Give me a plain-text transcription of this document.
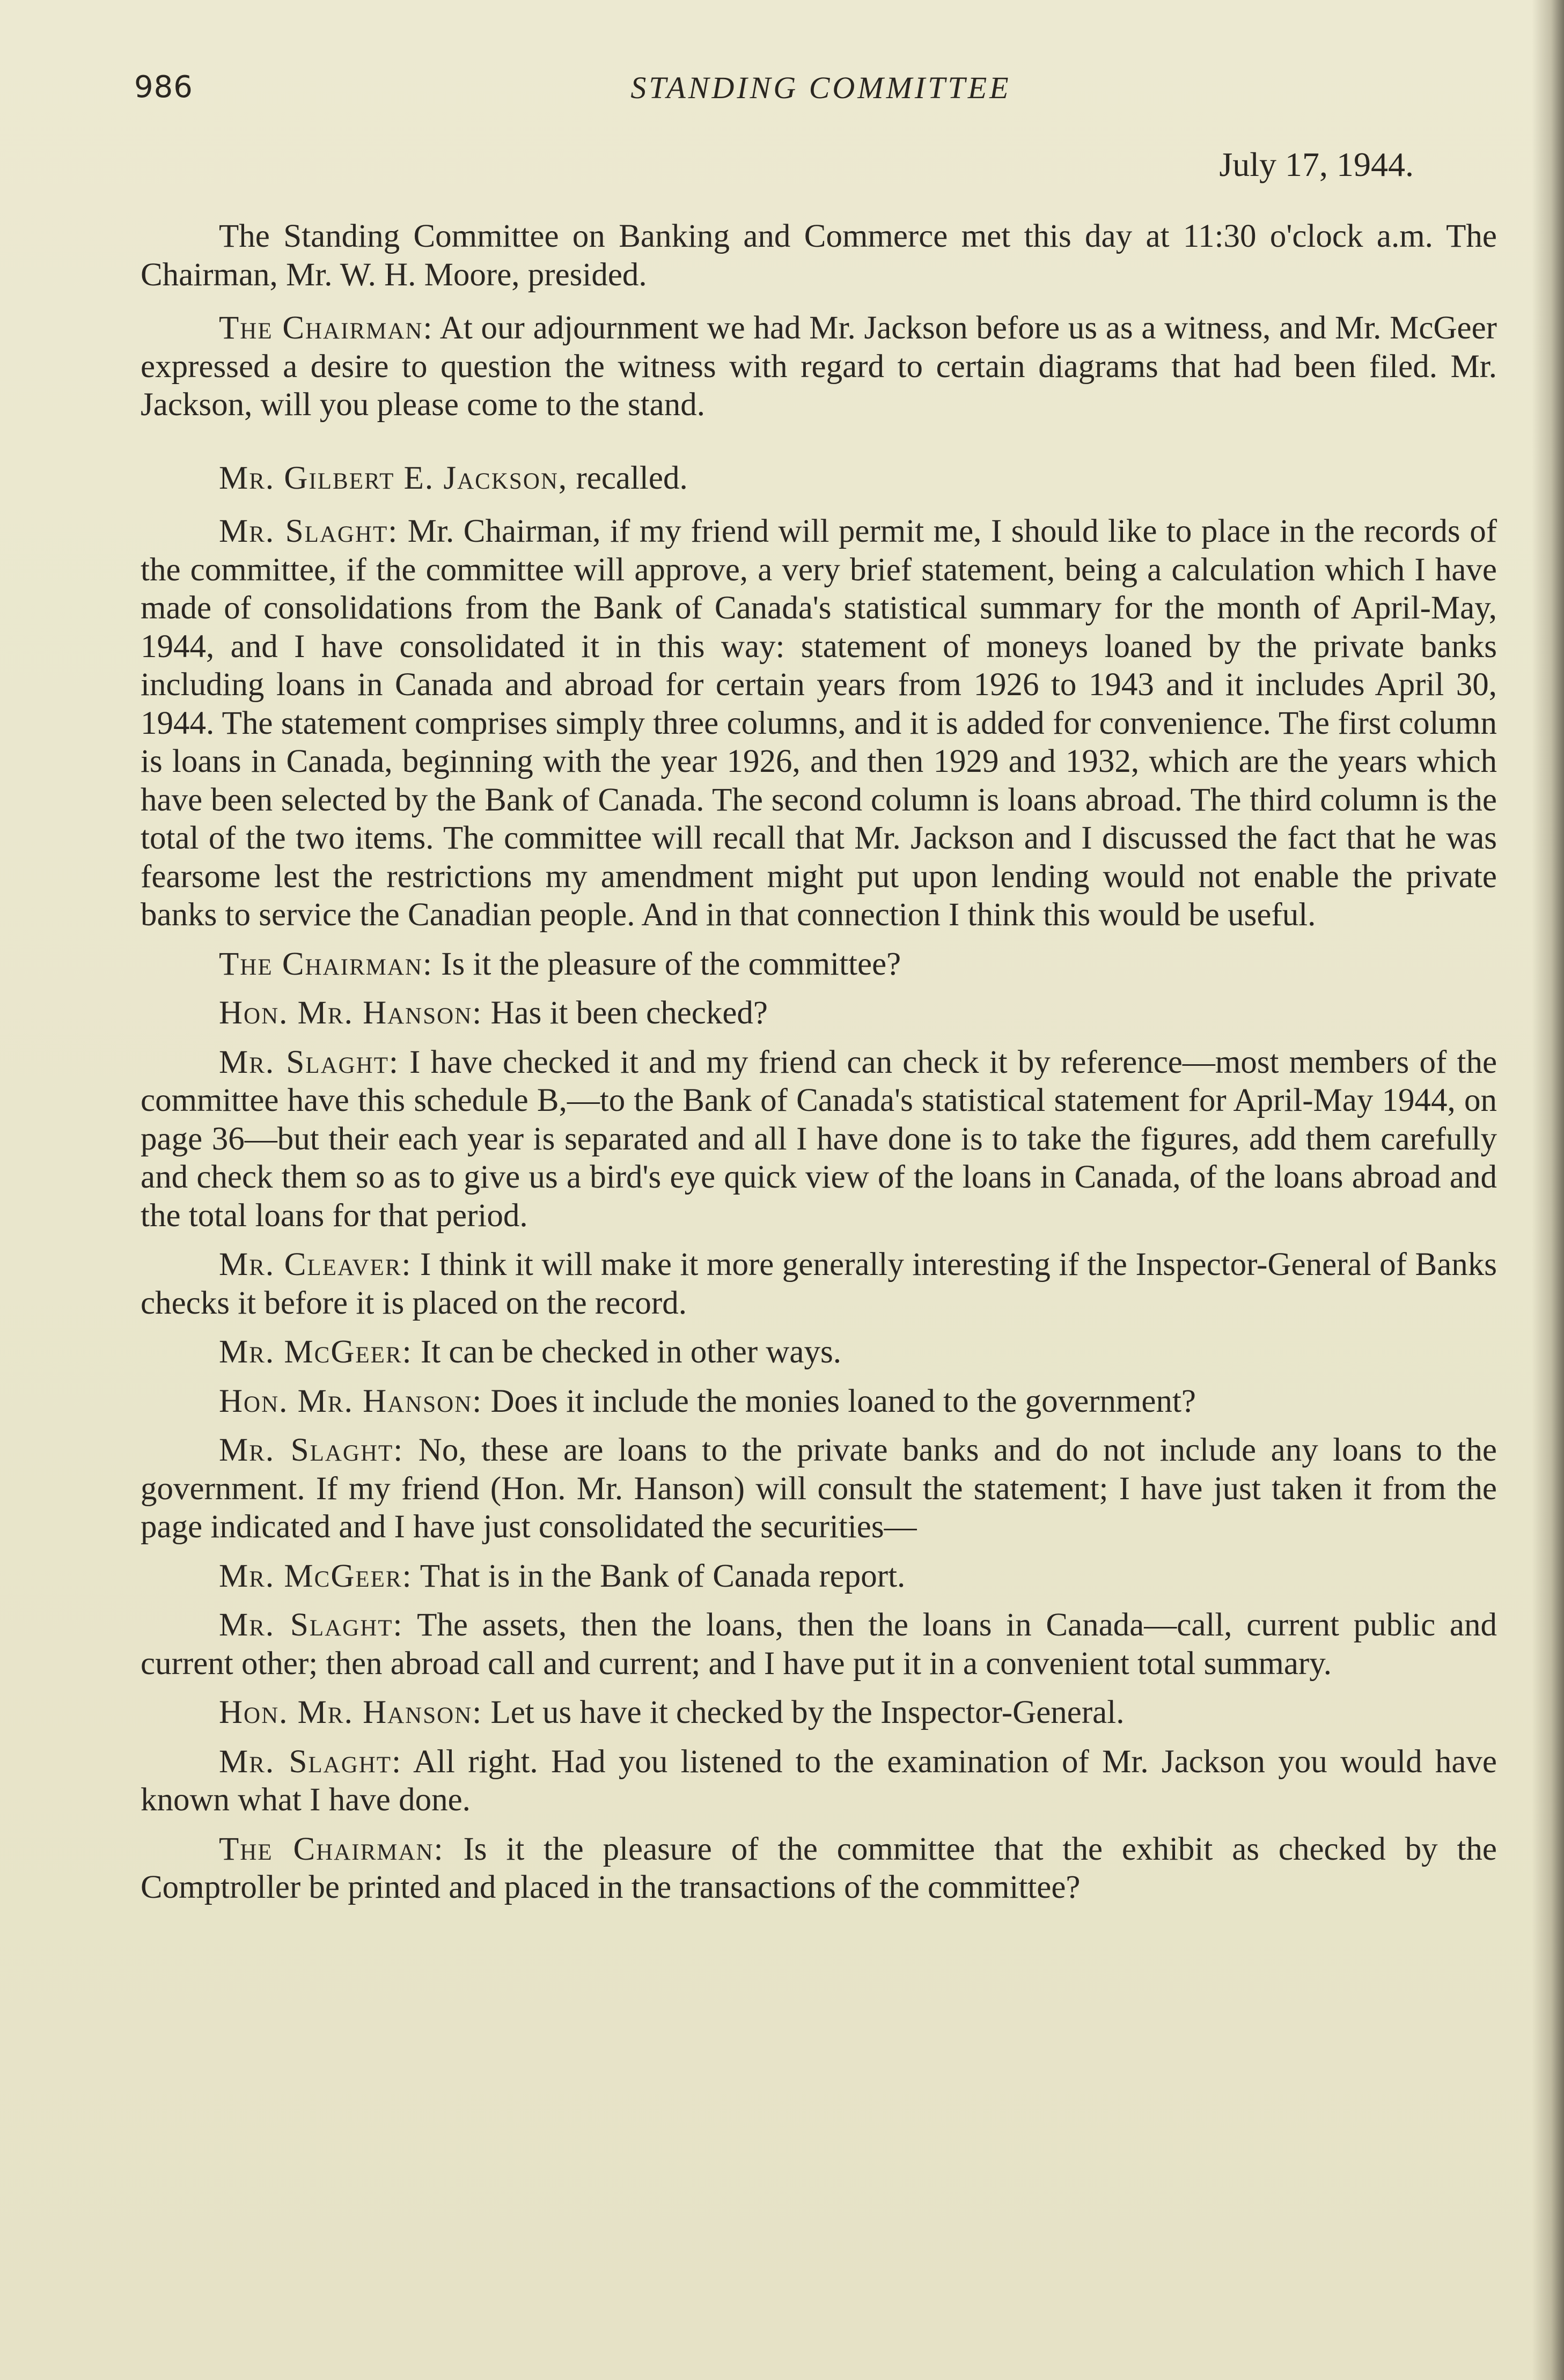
986	STANDING COMMITTEE
July 17, 1944.

The Standing Committee on Banking and Commerce met this day at 11:30 o'clock a.m. The Chairman, Mr. W. H. Moore, presided.

The Chairman: At our adjournment we had Mr. Jackson before us as a witness, and Mr. McGeer expressed a desire to question the witness with regard to certain diagrams that had been filed. Mr. Jackson, will you please come to the stand.

Mr. Gilbert E. Jackson, recalled.

Mr. Slaght: Mr. Chairman, if my friend will permit me, I should like to place in the records of the committee, if the committee will approve, a very brief statement, being a calculation which I have made of consolidations from the Bank of Canada's statistical summary for the month of April-May, 1944, and I have consolidated it in this way: statement of moneys loaned by the private banks including loans in Canada and abroad for certain years from 1926 to 1943 and it includes April 30, 1944. The statement comprises simply three columns, and it is added for convenience. The first column is loans in Canada, beginning with the year 1926, and then 1929 and 1932, which are the years which have been selected by the Bank of Canada. The second column is loans abroad. The third column is the total of the two items. The committee will recall that Mr. Jackson and I discussed the fact that he was fearsome lest the restrictions my amendment might put upon lending would not enable the private banks to service the Canadian people. And in that connection I think this would be useful.

The Chairman: Is it the pleasure of the committee?

Hon. Mr. Hanson: Has it been checked?

Mr. Slaght: I have checked it and my friend can check it by reference—most members of the committee have this schedule B,—to the Bank of Canada's statistical statement for April-May 1944, on page 36—but their each year is separated and all I have done is to take the figures, add them carefully and check them so as to give us a bird's eye quick view of the loans in Canada, of the loans abroad and the total loans for that period.

Mr. Cleaver: I think it will make it more generally interesting if the Inspector-General of Banks checks it before it is placed on the record.

Mr. McGeer: It can be checked in other ways.

Hon. Mr. Hanson: Does it include the monies loaned to the government?

Mr. Slaght: No, these are loans to the private banks and do not include any loans to the government. If my friend (Hon. Mr. Hanson) will consult the statement; I have just taken it from the page indicated and I have just consolidated the securities—

Mr. McGeer: That is in the Bank of Canada report.

Mr. Slaght: The assets, then the loans, then the loans in Canada—call, current public and current other; then abroad call and current; and I have put it in a convenient total summary.

Hon. Mr. Hanson: Let us have it checked by the Inspector-General.

Mr. Slaght: All right. Had you listened to the examination of Mr. Jackson you would have known what I have done.

The Chairman: Is it the pleasure of the committee that the exhibit as checked by the Comptroller be printed and placed in the transactions of the committee?
